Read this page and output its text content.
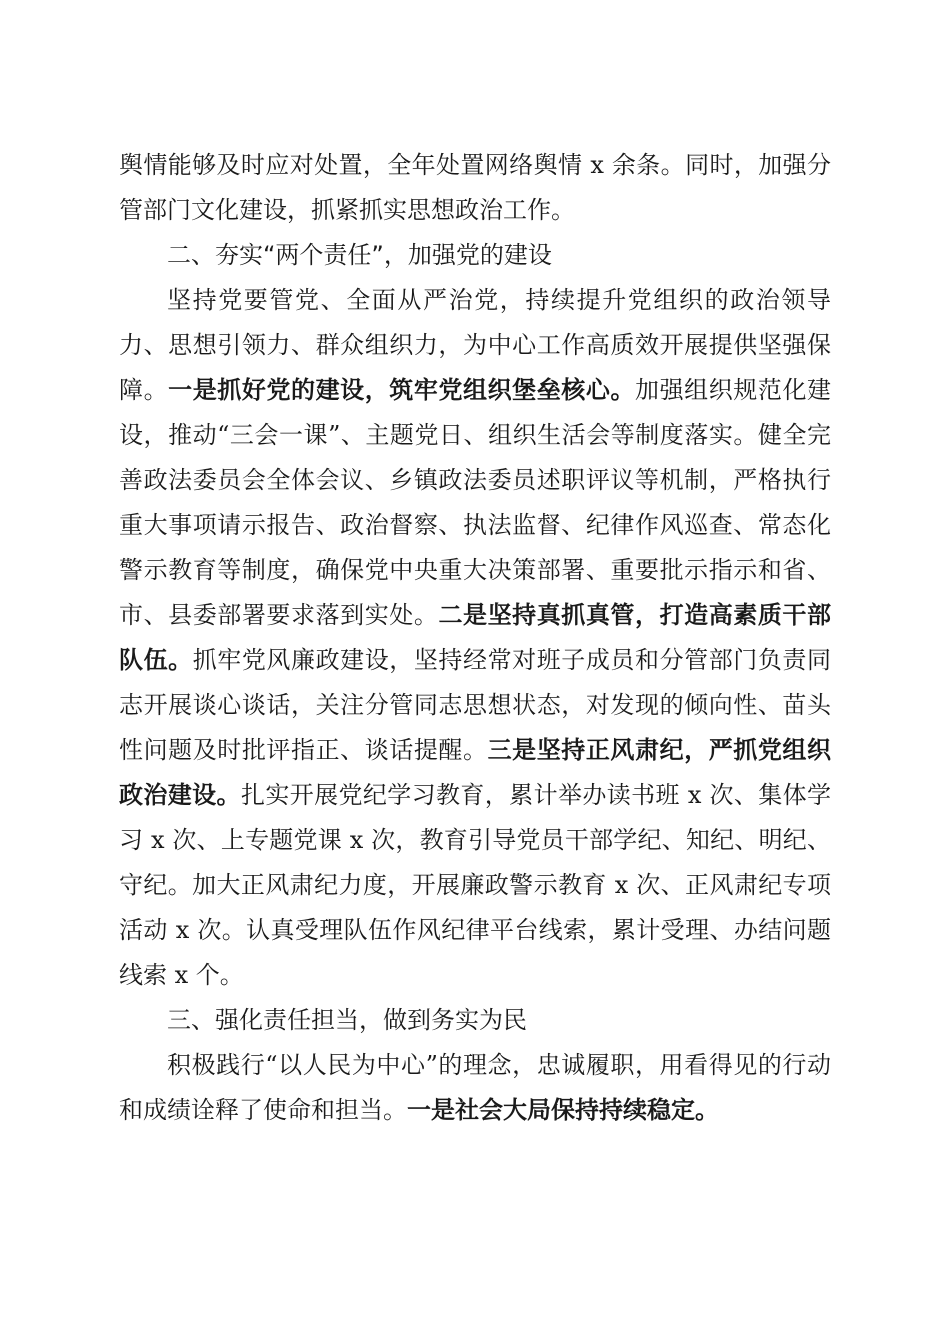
舆情能够及时应对处置，全年处置网络舆情 x 余条。同时，加强分管部门文化建设，抓紧抓实思想政治工作。

二、夯实“两个责任”，加强党的建设

坚持党要管党、全面从严治党，持续提升党组织的政治领导力、思想引领力、群众组织力，为中心工作高质效开展提供坚强保障。一是抓好党的建设，筑牢党组织堡垒核心。加强组织规范化建设，推动“三会一课”、主题党日、组织生活会等制度落实。健全完善政法委员会全体会议、乡镇政法委员述职评议等机制，严格执行重大事项请示报告、政治督察、执法监督、纪律作风巡查、常态化警示教育等制度，确保党中央重大决策部署、重要批示指示和省、市、县委部署要求落到实处。二是坚持真抓真管，打造高素质干部队伍。抓牢党风廉政建设，坚持经常对班子成员和分管部门负责同志开展谈心谈话，关注分管同志思想状态，对发现的倾向性、苗头性问题及时批评指正、谈话提醒。三是坚持正风肃纪，严抓党组织政治建设。扎实开展党纪学习教育，累计举办读书班 x 次、集体学习 x 次、上专题党课 x 次，教育引导党员干部学纪、知纪、明纪、守纪。加大正风肃纪力度，开展廉政警示教育 x 次、正风肃纪专项活动 x 次。认真受理队伍作风纪律平台线索，累计受理、办结问题线索 x 个。

三、强化责任担当，做到务实为民

积极践行“以人民为中心”的理念，忠诚履职，用看得见的行动和成绩诠释了使命和担当。一是社会大局保持持续稳定。
